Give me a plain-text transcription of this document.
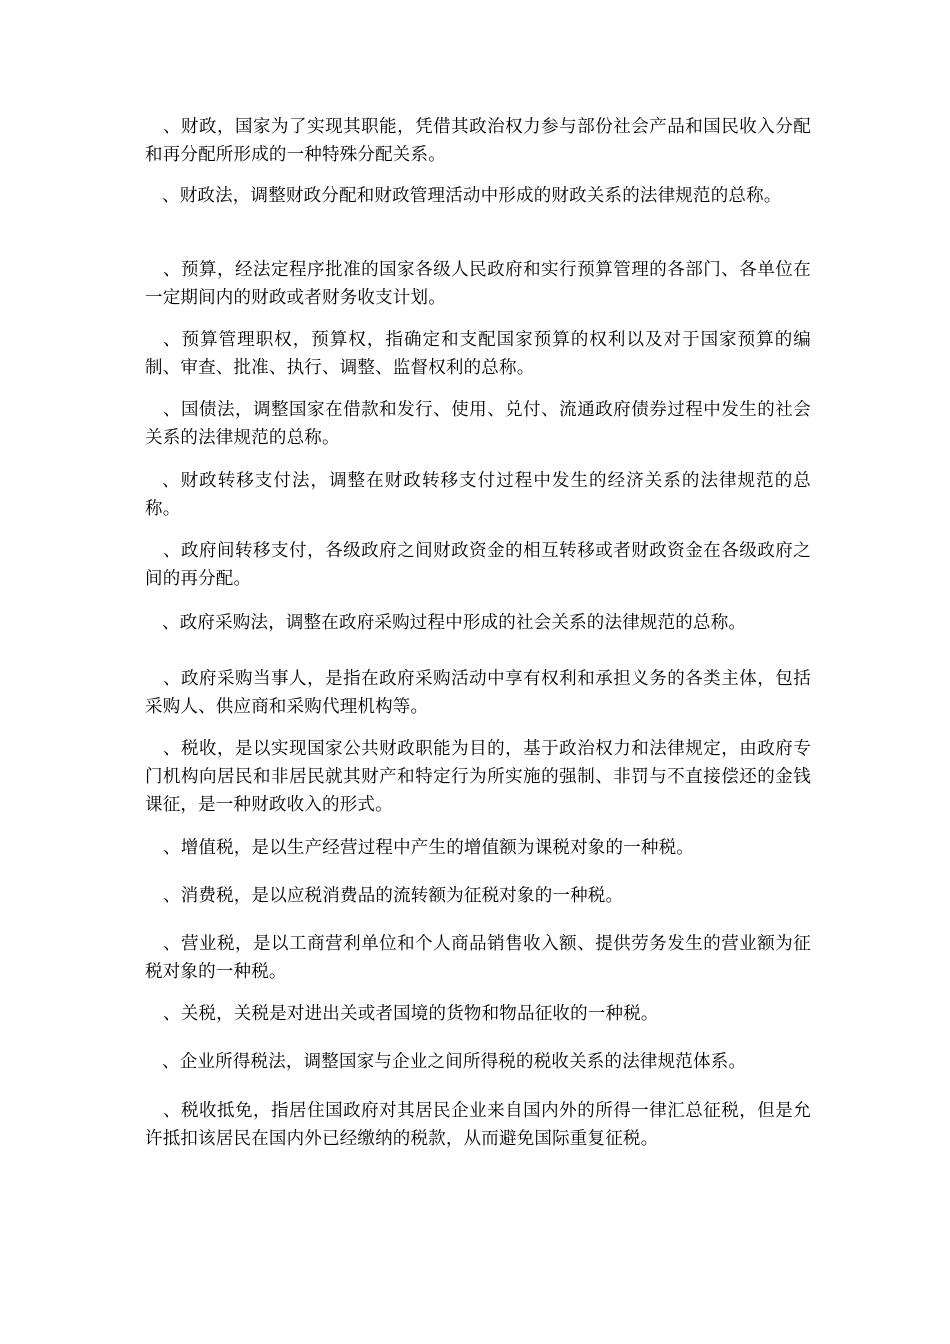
、财政，国家为了实现其职能，凭借其政治权力参与部份社会产品和国民收入分配和再分配所形成的一种特殊分配关系。

、财政法，调整财政分配和财政管理活动中形成的财政关系的法律规范的总称。

、预算，经法定程序批准的国家各级人民政府和实行预算管理的各部门、各单位在一定期间内的财政或者财务收支计划。

、预算管理职权，预算权，指确定和支配国家预算的权利以及对于国家预算的编制、审查、批准、执行、调整、监督权利的总称。

、国债法，调整国家在借款和发行、使用、兑付、流通政府债券过程中发生的社会关系的法律规范的总称。

、财政转移支付法，调整在财政转移支付过程中发生的经济关系的法律规范的总称。

、政府间转移支付，各级政府之间财政资金的相互转移或者财政资金在各级政府之间的再分配。

、政府采购法，调整在政府采购过程中形成的社会关系的法律规范的总称。

、政府采购当事人，是指在政府采购活动中享有权利和承担义务的各类主体，包括采购人、供应商和采购代理机构等。

、税收，是以实现国家公共财政职能为目的，基于政治权力和法律规定，由政府专门机构向居民和非居民就其财产和特定行为所实施的强制、非罚与不直接偿还的金钱课征，是一种财政收入的形式。

、增值税，是以生产经营过程中产生的增值额为课税对象的一种税。

、消费税，是以应税消费品的流转额为征税对象的一种税。

、营业税，是以工商营利单位和个人商品销售收入额、提供劳务发生的营业额为征税对象的一种税。

、关税，关税是对进出关或者国境的货物和物品征收的一种税。

、企业所得税法，调整国家与企业之间所得税的税收关系的法律规范体系。

、税收抵免，指居住国政府对其居民企业来自国内外的所得一律汇总征税，但是允许抵扣该居民在国内外已经缴纳的税款，从而避免国际重复征税。
